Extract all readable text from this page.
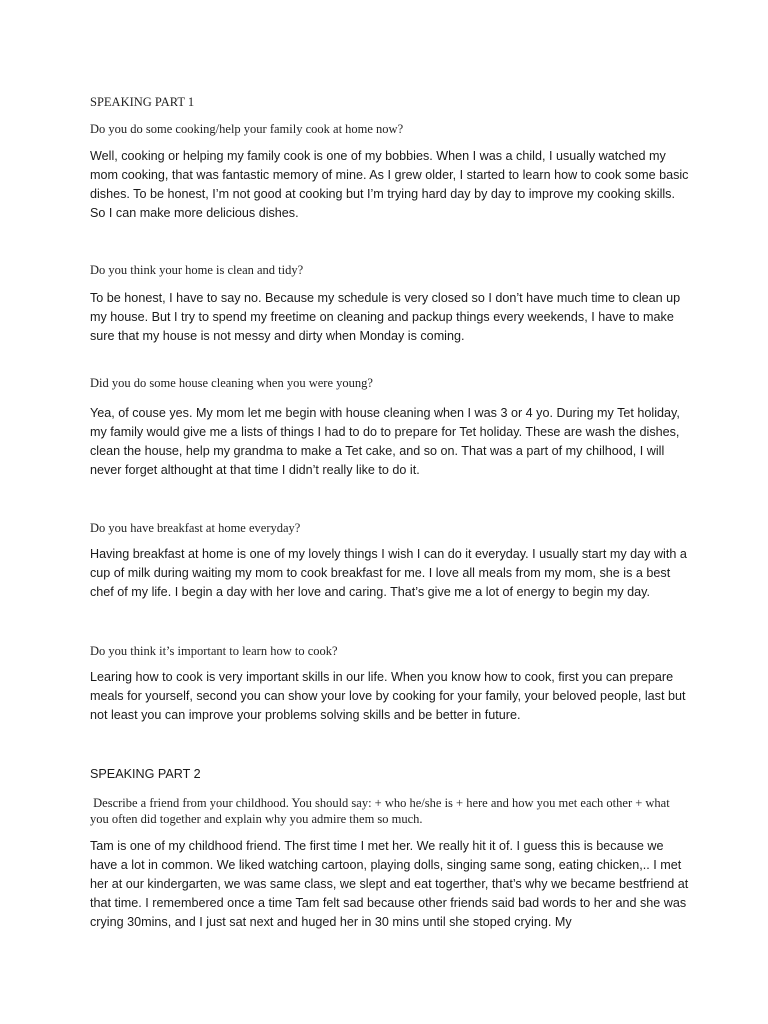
SPEAKING PART 1

Do you do some cooking/help your family cook at home now?

Well, cooking or helping my family cook is one of my bobbies. When I was a child, I usually watched my mom cooking, that was fantastic memory of mine. As I grew older, I started to learn how to cook some basic dishes. To be honest, I’m not good at cooking but I’m trying hard day by day to improve my cooking skills. So I can make more delicious dishes.

Do you think your home is clean and tidy?

To be honest, I have to say no. Because my schedule is very closed so I don’t have much time to clean up my house. But I try to spend my freetime on cleaning and packup things every weekends, I have to make sure that my house is not messy and dirty when Monday is coming.

Did you do some house cleaning when you were young?

Yea, of couse yes. My mom let me begin with house cleaning when I was 3 or 4 yo. During my Tet holiday, my family would give me a lists of things I had to do to prepare for Tet holiday. These are wash the dishes, clean the house, help my grandma to make a Tet cake, and so on. That was a part of my chilhood, I will never forget althought at that time I didn’t really like to do it.

Do you have breakfast at home everyday?

Having breakfast at home is one of my lovely things I wish I can do it everyday. I usually start my day with a cup of milk during waiting my mom to cook breakfast for me. I love all meals from my mom, she is a best chef of my life. I begin a day with her love and caring. That’s give me a lot of energy to begin my day.

Do you think it’s important to learn how to cook?

Learing how to cook is very important skills in our life. When you know how to cook, first you can prepare meals for yourself, second you can show your love by cooking for your family, your beloved people, last but not least you can improve your problems solving skills and be better in future.

SPEAKING PART 2

Describe a friend from your childhood. You should say: + who he/she is + here and how you met each other + what you often did together and explain why you admire them so much.

Tam is one of my childhood friend. The first time I met her. We really hit it of. I guess this is because we have a lot in common. We liked watching cartoon, playing dolls, singing same song, eating chicken,.. I met her at our kindergarten, we was same class, we slept and eat togerther, that’s why we became bestfriend at that time. I remembered once a time Tam felt sad because other friends said bad words to her and she was crying 30mins, and I just sat next and huged her in 30 mins until she stoped crying. My
